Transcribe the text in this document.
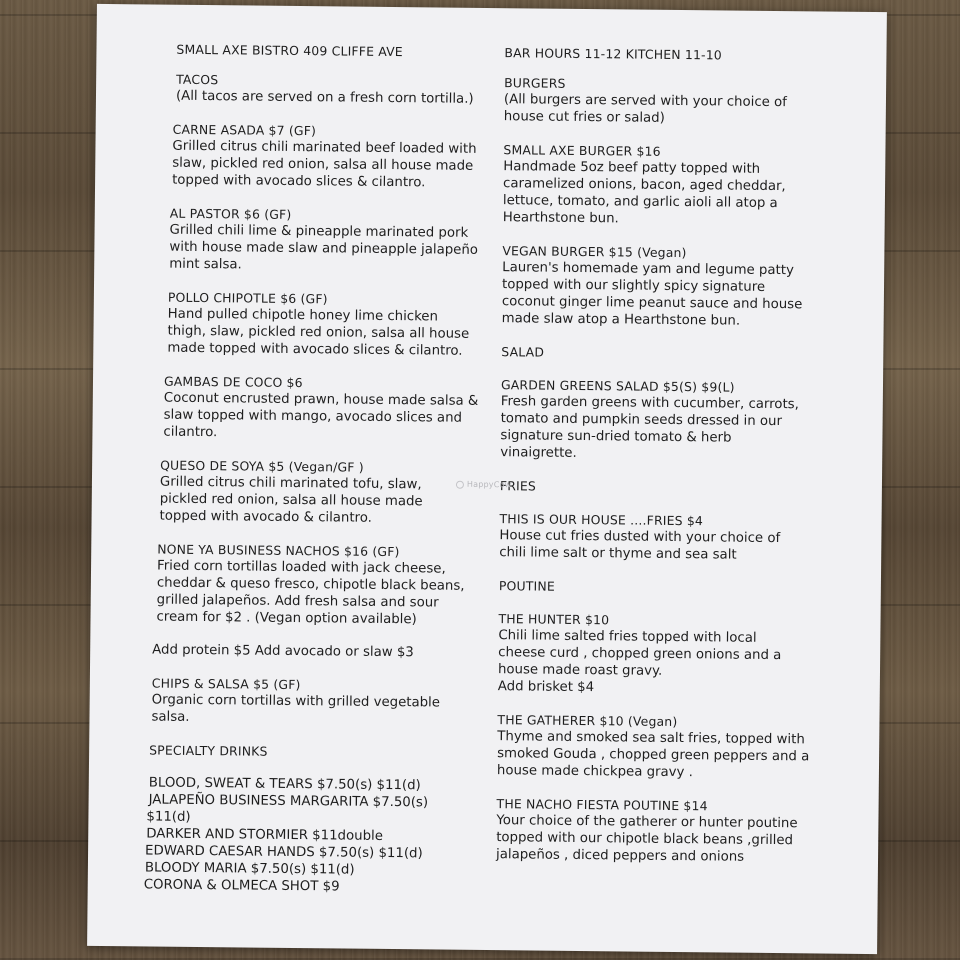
SMALL AXE BISTRO 409 CLIFFE AVE
TACOS
(All tacos are served on a fresh corn tortilla.)
CARNE ASADA $7 (GF)
Grilled citrus chili marinated beef loaded with
slaw, pickled red onion, salsa all house made
topped with avocado slices & cilantro.
AL PASTOR $6 (GF)
Grilled chili lime & pineapple marinated pork
with house made slaw and pineapple jalapeño
mint salsa.
POLLO CHIPOTLE $6 (GF)
Hand pulled chipotle honey lime chicken
thigh, slaw, pickled red onion, salsa all house
made topped with avocado slices & cilantro.
GAMBAS DE COCO $6
Coconut encrusted prawn, house made salsa &
slaw topped with mango, avocado slices and
cilantro.
QUESO DE SOYA $5 (Vegan/GF )
Grilled citrus chili marinated tofu, slaw,
pickled red onion, salsa all house made
topped with avocado & cilantro.
NONE YA BUSINESS NACHOS $16 (GF)
Fried corn tortillas loaded with jack cheese,
cheddar & queso fresco, chipotle black beans,
grilled jalapeños. Add fresh salsa and sour
cream for $2 . (Vegan option available)
Add protein $5 Add avocado or slaw $3
CHIPS & SALSA $5 (GF)
Organic corn tortillas with grilled vegetable
salsa.
SPECIALTY DRINKS
BLOOD, SWEAT & TEARS $7.50(s) $11(d)
JALAPEÑO BUSINESS MARGARITA $7.50(s)
$11(d)
DARKER AND STORMIER $11double
EDWARD CAESAR HANDS $7.50(s) $11(d)
BLOODY MARIA $7.50(s) $11(d)
CORONA & OLMECA SHOT $9
BAR HOURS 11-12 KITCHEN 11-10
BURGERS
(All burgers are served with your choice of
house cut fries or salad)
SMALL AXE BURGER $16
Handmade 5oz beef patty topped with
caramelized onions, bacon, aged cheddar,
lettuce, tomato, and garlic aioli all atop a
Hearthstone bun.
VEGAN BURGER $15 (Vegan)
Lauren's homemade yam and legume patty
topped with our slightly spicy signature
coconut ginger lime peanut sauce and house
made slaw atop a Hearthstone bun.
SALAD
GARDEN GREENS SALAD $5(S) $9(L)
Fresh garden greens with cucumber, carrots,
tomato and pumpkin seeds dressed in our
signature sun-dried tomato & herb
vinaigrette.
FRIES
THIS IS OUR HOUSE ....FRIES $4
House cut fries dusted with your choice of
chili lime salt or thyme and sea salt
POUTINE
THE HUNTER $10
Chili lime salted fries topped with local
cheese curd , chopped green onions and a
house made roast gravy.
Add brisket $4
THE GATHERER $10 (Vegan)
Thyme and smoked sea salt fries, topped with
smoked Gouda , chopped green peppers and a
house made chickpea gravy .
THE NACHO FIESTA POUTINE $14
Your choice of the gatherer or hunter poutine
topped with our chipotle black beans ,grilled
jalapeños , diced peppers and onions
HappyCow
